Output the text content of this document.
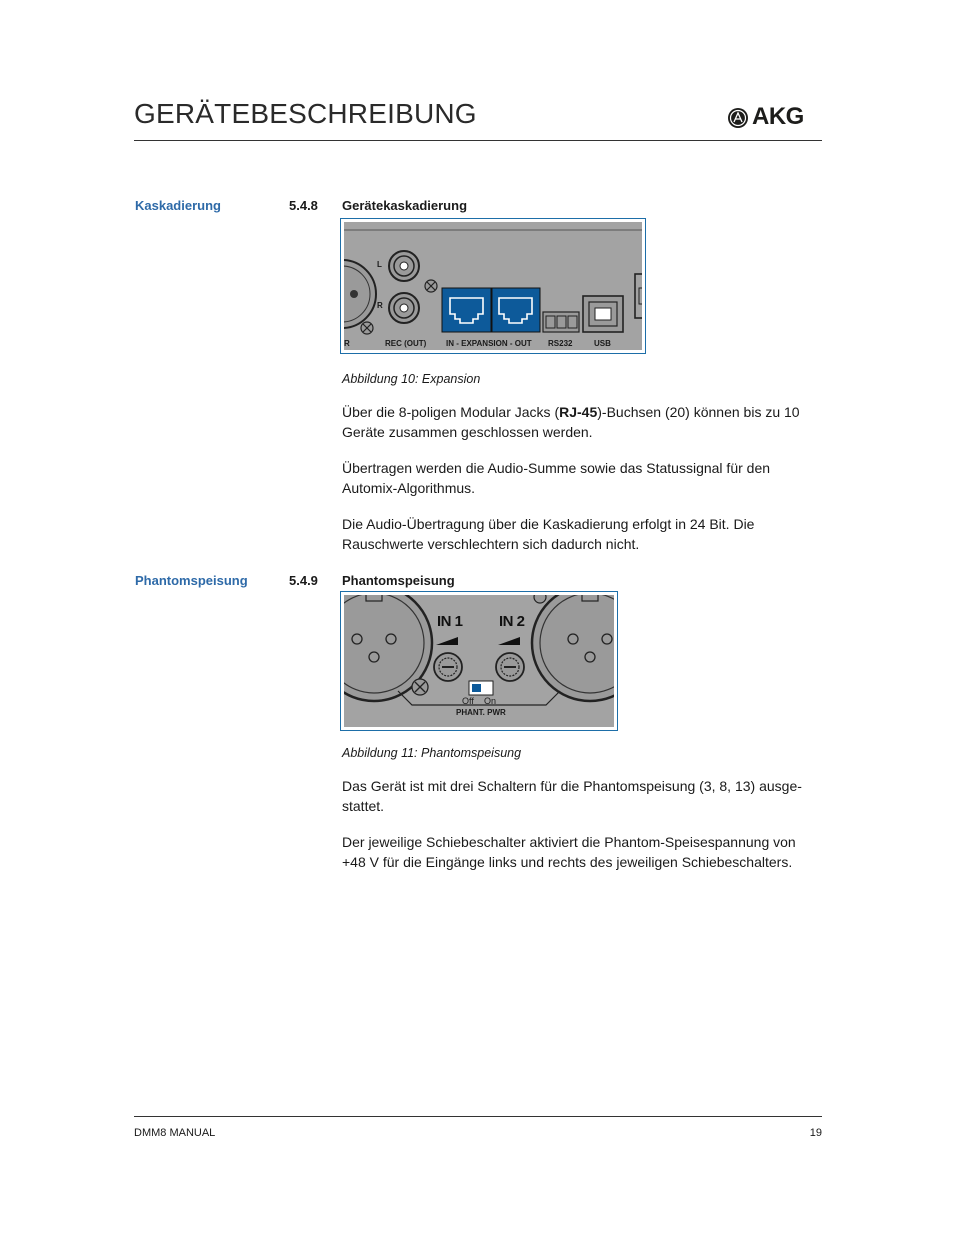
GERÄTEBESCHREIBUNG	AKG
Kaskadierung	5.4.8 Gerätekaskadierung
L
R
R	REC (OUT) IN - EXPANSION - OUT RS232	USB
Abbildung 10: Expansion
Über die 8-poligen Modular Jacks (RJ-45)-Buchsen (20) können bis zu 10 Geräte zusammen geschlossen werden.
Übertragen werden die Audio-Summe sowie das Statussignal für den Automix-Algorithmus.
Die Audio-Übertragung über die Kaskadierung erfolgt in 24 Bit. Die Rauschwerte verschlechtern sich dadurch nicht.
Phantomspeisung	5.4.9 Phantomspeisung
IN 1 IN 2
Off On
PHANT. PWR
Abbildung 11: Phantomspeisung
Das Gerät ist mit drei Schaltern für die Phantomspeisung (3, 8, 13) ausge-stattet.
Der jeweilige Schiebeschalter aktiviert die Phantom-Speisespannung von +48 V für die Eingänge links und rechts des jeweiligen Schiebeschalters.
DMM8 MANUAL	19
